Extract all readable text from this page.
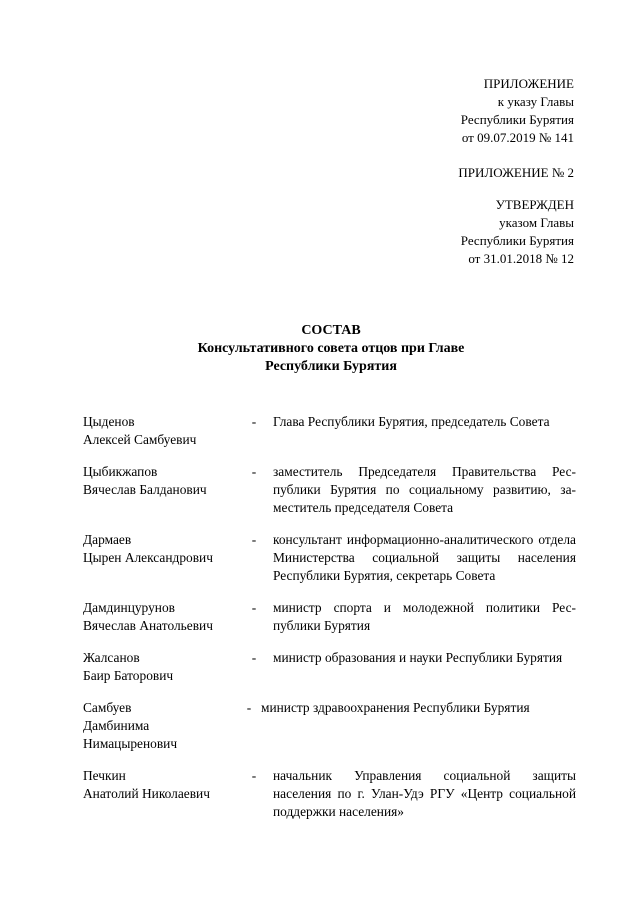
ПРИЛОЖЕНИЕ
к указу Главы
Республики Бурятия
от 09.07.2019 № 141
ПРИЛОЖЕНИЕ № 2
УТВЕРЖДЕН
указом Главы
Республики Бурятия
от 31.01.2018 № 12
СОСТАВ
Консультативного совета отцов при Главе
Республики Бурятия
Цыденов
Алексей Самбуевич
- Глава Республики Бурятия, председатель Совета
Цыбикжапов
Вячеслав Балданович
- заместитель Председателя Правительства Республики Бурятия по социальному развитию, заместитель председателя Совета
Дармаев
Цырен Александрович
- консультант информационно-аналитического отдела Министерства социальной защиты населения Республики Бурятия, секретарь Совета
Дамдинцурунов
Вячеслав Анатольевич
- министр спорта и молодежной политики Республики Бурятия
Жалсанов
Баир Баторович
- министр образования и науки Республики Бурятия
Самбуев
Дамбинима
Нимацыренович
- министр здравоохранения Республики Бурятия
Печкин
Анатолий Николаевич
- начальник Управления социальной защиты населения по г. Улан-Удэ РГУ «Центр социальной поддержки населения»
